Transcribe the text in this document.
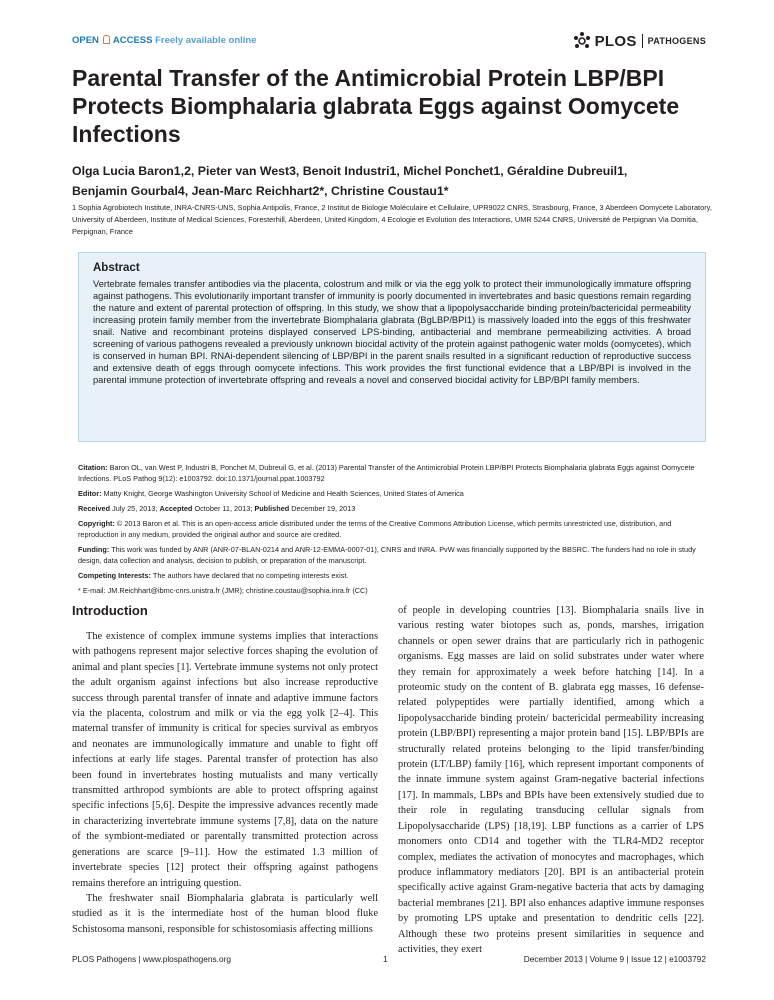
OPEN ACCESS Freely available online	PLOS PATHOGENS
Parental Transfer of the Antimicrobial Protein LBP/BPI Protects Biomphalaria glabrata Eggs against Oomycete Infections
Olga Lucia Baron1,2, Pieter van West3, Benoit Industri1, Michel Ponchet1, Géraldine Dubreuil1,
Benjamin Gourbal4, Jean-Marc Reichhart2*, Christine Coustau1*
1 Sophia Agrobiotech Institute, INRA-CNRS-UNS, Sophia Antipolis, France, 2 Institut de Biologie Moléculaire et Cellulaire, UPR9022 CNRS, Strasbourg, France, 3 Aberdeen Oomycete Laboratory, University of Aberdeen, Institute of Medical Sciences, Foresterhill, Aberdeen, United Kingdom, 4 Ecologie et Evolution des Interactions, UMR 5244 CNRS, Université de Perpignan Via Domitia, Perpignan, France
Abstract

Vertebrate females transfer antibodies via the placenta, colostrum and milk or via the egg yolk to protect their immunologically immature offspring against pathogens. This evolutionarily important transfer of immunity is poorly documented in invertebrates and basic questions remain regarding the nature and extent of parental protection of offspring. In this study, we show that a lipopolysaccharide binding protein/bactericidal permeability increasing protein family member from the invertebrate Biomphalaria glabrata (BgLBP/BPI1) is massively loaded into the eggs of this freshwater snail. Native and recombinant proteins displayed conserved LPS-binding, antibacterial and membrane permeabilizing activities. A broad screening of various pathogens revealed a previously unknown biocidal activity of the protein against pathogenic water molds (oomycetes), which is conserved in human BPI. RNAi-dependent silencing of LBP/BPI in the parent snails resulted in a significant reduction of reproductive success and extensive death of eggs through oomycete infections. This work provides the first functional evidence that a LBP/BPI is involved in the parental immune protection of invertebrate offspring and reveals a novel and conserved biocidal activity for LBP/BPI family members.

Citation: Baron OL, van West P, Industri B, Ponchet M, Dubreuil G, et al. (2013) Parental Transfer of the Antimicrobial Protein LBP/BPI Protects Biomphalaria glabrata Eggs against Oomycete Infections. PLoS Pathog 9(12): e1003792. doi:10.1371/journal.ppat.1003792

Editor: Matty Knight, George Washington University School of Medicine and Health Sciences, United States of America

Received July 25, 2013; Accepted October 11, 2013; Published December 19, 2013

Copyright: © 2013 Baron et al. This is an open-access article distributed under the terms of the Creative Commons Attribution License, which permits unrestricted use, distribution, and reproduction in any medium, provided the original author and source are credited.

Funding: This work was funded by ANR (ANR-07-BLAN-0214 and ANR-12-EMMA-0007-01), CNRS and INRA. PvW was financially supported by the BBSRC. The funders had no role in study design, data collection and analysis, decision to publish, or preparation of the manuscript.

Competing Interests: The authors have declared that no competing interests exist.

* E-mail: JM.Reichhart@ibmc-cnrs.unistra.fr (JMR); christine.coustau@sophia.inra.fr (CC)

Introduction

The existence of complex immune systems implies that interactions with pathogens represent major selective forces shaping the evolution of animal and plant species [1]. Vertebrate immune systems not only protect the adult organism against infections but also increase reproductive success through parental transfer of innate and adaptive immune factors via the placenta, colostrum and milk or via the egg yolk [2–4]. This maternal transfer of immunity is critical for species survival as embryos and neonates are immunologically immature and unable to fight off infections at early life stages. Parental transfer of protection has also been found in invertebrates hosting mutualists and many vertically transmitted arthropod symbionts are able to protect offspring against specific infections [5,6]. Despite the impressive advances recently made in characterizing invertebrate immune systems [7,8], data on the nature of the symbiont-mediated or parentally transmitted protection across generations are scarce [9–11]. How the estimated 1.3 million of invertebrate species [12] protect their offspring against pathogens remains therefore an intriguing question.

The freshwater snail Biomphalaria glabrata is particularly well studied as it is the intermediate host of the human blood fluke Schistosoma mansoni, responsible for schistosomiasis affecting millions

of people in developing countries [13]. Biomphalaria snails live in various resting water biotopes such as, ponds, marshes, irrigation channels or open sewer drains that are particularly rich in pathogenic organisms. Egg masses are laid on solid substrates under water where they remain for approximately a week before hatching [14]. In a proteomic study on the content of B. glabrata egg masses, 16 defense-related polypeptides were partially identified, among which a lipopolysaccharide binding protein/ bactericidal permeability increasing protein (LBP/BPI) representing a major protein band [15]. LBP/BPIs are structurally related proteins belonging to the lipid transfer/binding protein (LT/LBP) family [16], which represent important components of the innate immune system against Gram-negative bacterial infections [17]. In mammals, LBPs and BPIs have been extensively studied due to their role in regulating transducing cellular signals from Lipopolysaccharide (LPS) [18,19]. LBP functions as a carrier of LPS monomers onto CD14 and together with the TLR4-MD2 receptor complex, mediates the activation of monocytes and macrophages, which produce inflammatory mediators [20]. BPI is an antibacterial protein specifically active against Gram-negative bacteria that acts by damaging bacterial membranes [21]. BPI also enhances adaptive immune responses by promoting LPS uptake and presentation to dendritic cells [22]. Although these two proteins present similarities in sequence and activities, they exert
PLOS Pathogens | www.plospathogens.org	1	December 2013 | Volume 9 | Issue 12 | e1003792
